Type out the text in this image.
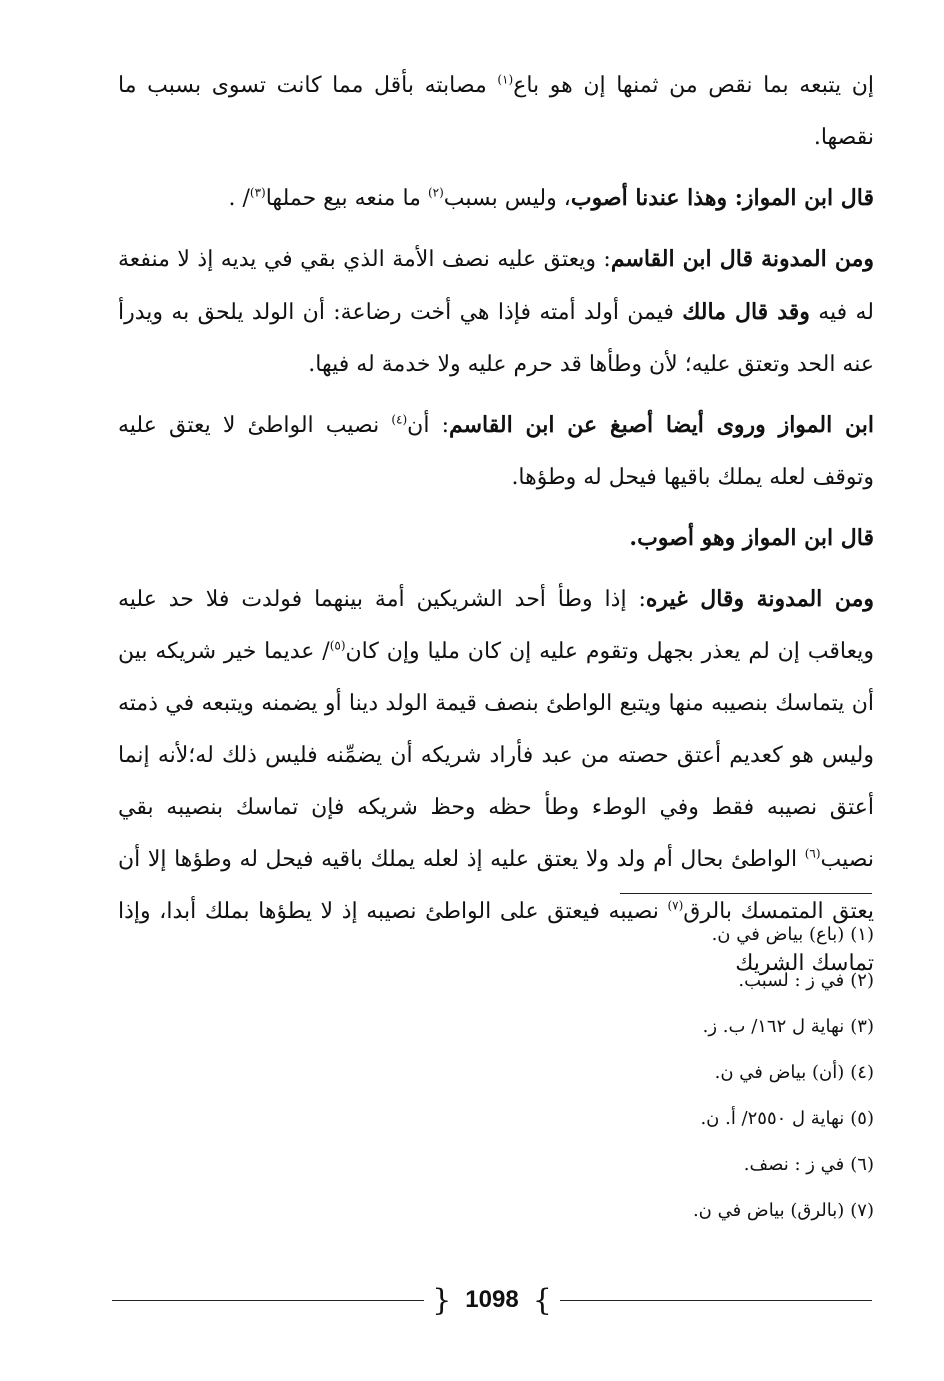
إن يتبعه بما نقص من ثمنها إن هو باع$^{(١)}$ مصابته بأقل مما كانت تسوى بسبب ما نقصها.

قال ابن المواز: وهذا عندنا أصوب، وليس بسبب$^{(٢)}$ ما منعه بيع حملها$^{(٣)}$/ .

ومن المدونة قال ابن القاسم: ويعتق عليه نصف الأمة الذي بقي في يديه إذ لا منفعة له فيه وقد قال مالك فيمن أولد أمته فإذا هي أخت رضاعة: أن الولد يلحق به ويدرأ عنه الحد وتعتق عليه؛ لأن وطأها قد حرم عليه ولا خدمة له فيها.

ابن المواز وروى أيضا أصبغ عن ابن القاسم: أن$^{(٤)}$ نصيب الواطئ لا يعتق عليه وتوقف لعله يملك باقيها فيحل له وطؤها.

قال ابن المواز وهو أصوب.

ومن المدونة وقال غيره: إذا وطأ أحد الشريكين أمة بينهما فولدت فلا حد عليه ويعاقب إن لم يعذر بجهل وتقوم عليه إن كان مليا وإن كان$^{(٥)}$/ عديما خير شريكه بين أن يتماسك بنصيبه منها ويتبع الواطئ بنصف قيمة الولد دينا أو يضمنه ويتبعه في ذمته وليس هو كعديم أعتق حصته من عبد فأراد شريكه أن يضمِّنه فليس ذلك له؛لأنه إنما أعتق نصيبه فقط وفي الوطء وطأ حظه وحظ شريكه فإن تماسك بنصيبه بقي نصيب$^{(٦)}$ الواطئ بحال أم ولد ولا يعتق عليه إذ لعله يملك باقيه فيحل له وطؤها إلا أن يعتق المتمسك بالرق$^{(٧)}$ نصيبه فيعتق على الواطئ نصيبه إذ لا يطؤها بملك أبدا، وإذا تماسك الشريك

(١)(باع) بياض في ن.
(٢)في ز : لسبب.
(٣)نهاية ل ١٦٢/ ب. ز.
(٤)(أن) بياض في ن.
(٥)نهاية ل ٢٥٥٠/ أ. ن.
(٦)في ز : نصف.
(٧)(بالرق) بياض في ن.
} 1098 {
